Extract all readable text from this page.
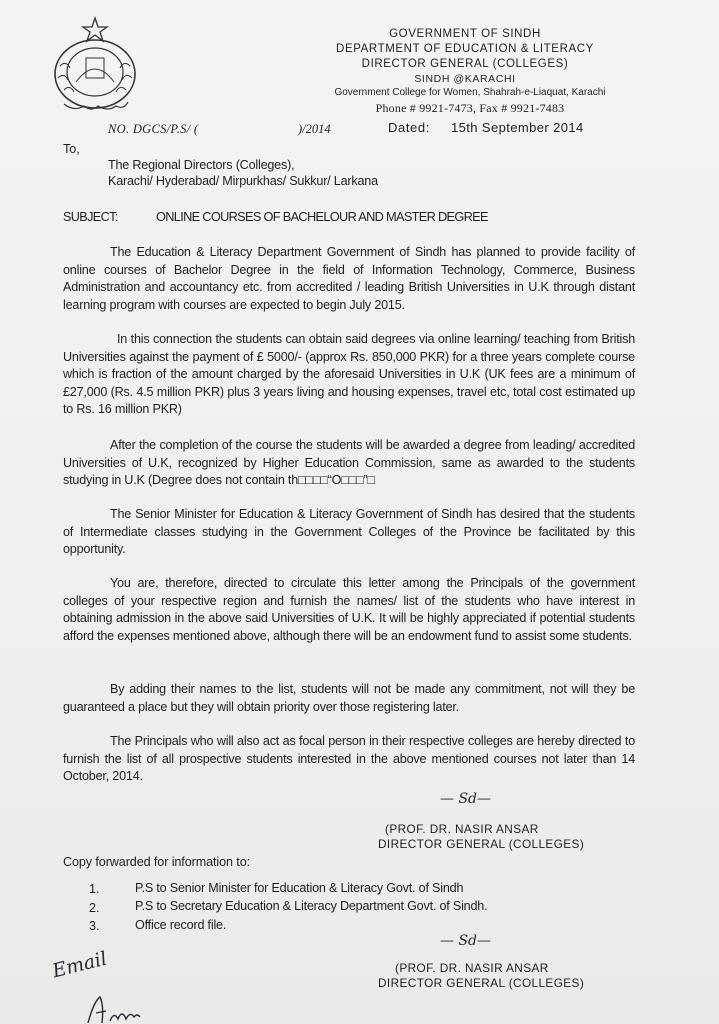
GOVERNMENT OF SINDH
DEPARTMENT OF EDUCATION & LITERACY
DIRECTOR GENERAL (COLLEGES)
SINDH @KARACHI
Government College for Women, Shahrah-e-Liaquat, Karachi
Phone # 9921-7473, Fax # 9921-7483
NO. DGCS/P.S/ (	)/2014	Dated: 15th September 2014
To,
The Regional Directors (Colleges),
Karachi/ Hyderabad/ Mirpurkhas/ Sukkur/ Larkana
SUBJECT:	ONLINE COURSES OF BACHELOUR AND MASTER DEGREE
The Education & Literacy Department Government of Sindh has planned to provide facility of online courses of Bachelor Degree in the field of Information Technology, Commerce, Business Administration and accountancy etc. from accredited / leading British Universities in U.K through distant learning program with courses are expected to begin July 2015.
In this connection the students can obtain said degrees via online learning/ teaching from British Universities against the payment of £ 5000/- (approx Rs. 850,000 PKR) for a three years complete course which is fraction of the amount charged by the aforesaid Universities in U.K (UK fees are a minimum of £27,000 (Rs. 4.5 million PKR) plus 3 years living and housing expenses, travel etc, total cost estimated up to Rs. 16 million PKR)
After the completion of the course the students will be awarded a degree from leading/ accredited Universities of U.K, recognized by Higher Education Commission, same as awarded to the students studying in U.K (Degree does not contain th□□□□“O□□□”□
The Senior Minister for Education & Literacy Government of Sindh has desired that the students of Intermediate classes studying in the Government Colleges of the Province be facilitated by this opportunity.
You are, therefore, directed to circulate this letter among the Principals of the government colleges of your respective region and furnish the names/ list of the students who have interest in obtaining admission in the above said Universities of U.K. It will be highly appreciated if potential students afford the expenses mentioned above, although there will be an endowment fund to assist some students.
By adding their names to the list, students will not be made any commitment, not will they be guaranteed a place but they will obtain priority over those registering later.
The Principals who will also act as focal person in their respective colleges are hereby directed to furnish the list of all prospective students interested in the above mentioned courses not later than 14 October, 2014.
— Sd—
(PROF. DR. NASIR ANSAR
DIRECTOR GENERAL (COLLEGES)
Copy forwarded for information to:
1.	P.S to Senior Minister for Education & Literacy Govt. of Sindh
2.	P.S to Secretary Education & Literacy Department Govt. of Sindh.
3.	Office record file.
— Sd—
(PROF. DR. NASIR ANSAR
DIRECTOR GENERAL (COLLEGES)
Email
